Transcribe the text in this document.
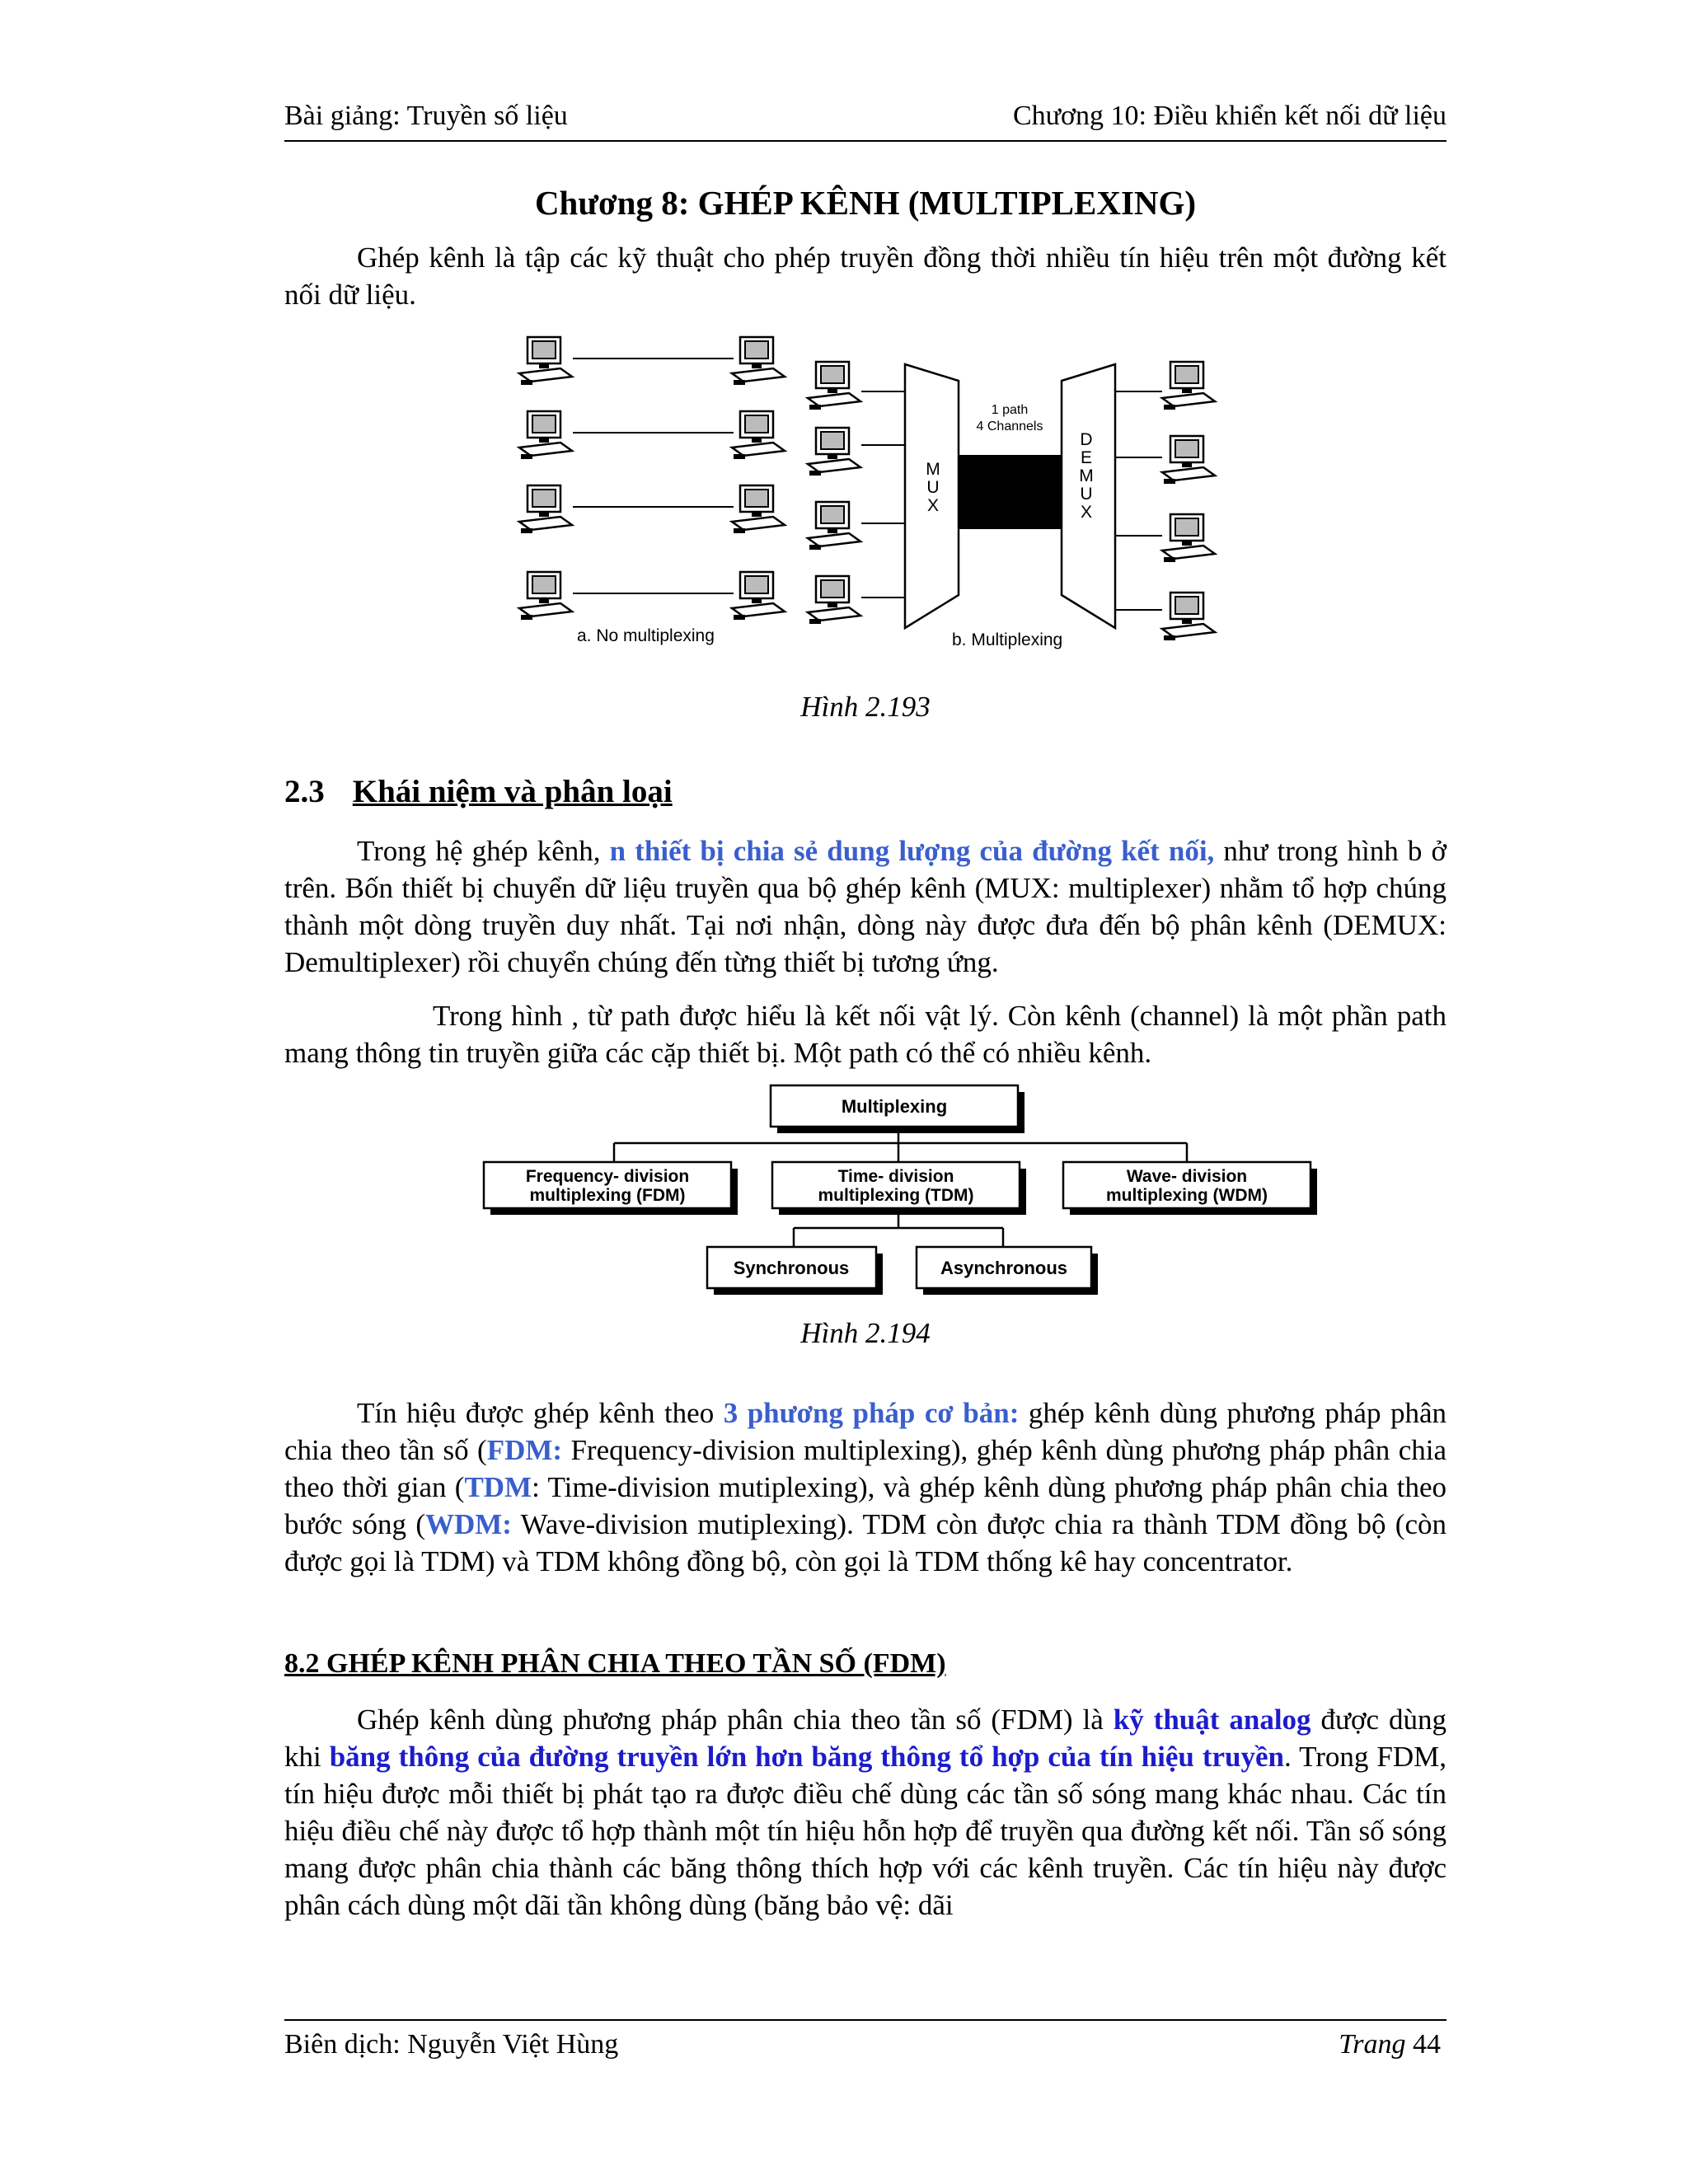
Bài giảng: Truyền số liệu	Chương 10: Điều khiển kết nối dữ liệu
Chương 8: GHÉP KÊNH (MULTIPLEXING)
Ghép kênh là tập các kỹ thuật cho phép truyền đồng thời nhiều tín hiệu trên một đường kết nối dữ liệu.
a. No multiplexing
M
U
X
1 path
4 Channels
D
E
M
U
X
b. Multiplexing
Hình 2.193
2.3 Khái niệm và phân loại
Trong hệ ghép kênh, n thiết bị chia sẻ dung lượng của đường kết nối, như trong hình b ở trên. Bốn thiết bị chuyển dữ liệu truyền qua bộ ghép kênh (MUX: multiplexer) nhằm tổ hợp chúng thành một dòng truyền duy nhất. Tại nơi nhận, dòng này được đưa đến bộ phân kênh (DEMUX: Demultiplexer) rồi chuyển chúng đến từng thiết bị tương ứng.
Trong hình , từ path được hiểu là kết nối vật lý. Còn kênh (channel) là một phần path mang thông tin truyền giữa các cặp thiết bị. Một path có thể có nhiều kênh.
Multiplexing
Frequency- division
multiplexing (FDM)
Time- division
multiplexing (TDM)
Wave- division
multiplexing (WDM)
Synchronous	Asynchronous
Hình 2.194
Tín hiệu được ghép kênh theo 3 phương pháp cơ bản: ghép kênh dùng phương pháp phân chia theo tần số (FDM: Frequency-division multiplexing), ghép kênh dùng phương pháp phân chia theo thời gian (TDM: Time-division mutiplexing), và ghép kênh dùng phương pháp phân chia theo bước sóng (WDM: Wave-division mutiplexing). TDM còn được chia ra thành TDM đồng bộ (còn được gọi là TDM) và TDM không đồng bộ, còn gọi là TDM thống kê hay concentrator.
8.2 GHÉP KÊNH PHÂN CHIA THEO TẦN SỐ (FDM)
Ghép kênh dùng phương pháp phân chia theo tần số (FDM) là kỹ thuật analog được dùng khi băng thông của đường truyền lớn hơn băng thông tổ hợp của tín hiệu truyền. Trong FDM, tín hiệu được mỗi thiết bị phát tạo ra được điều chế dùng các tần số sóng mang khác nhau. Các tín hiệu điều chế này được tổ hợp thành một tín hiệu hỗn hợp để truyền qua đường kết nối. Tần số sóng mang được phân chia thành các băng thông thích hợp với các kênh truyền. Các tín hiệu này được phân cách dùng một dãi tần không dùng (băng bảo vệ: dãi
Biên dịch: Nguyễn Việt Hùng	Trang 44
